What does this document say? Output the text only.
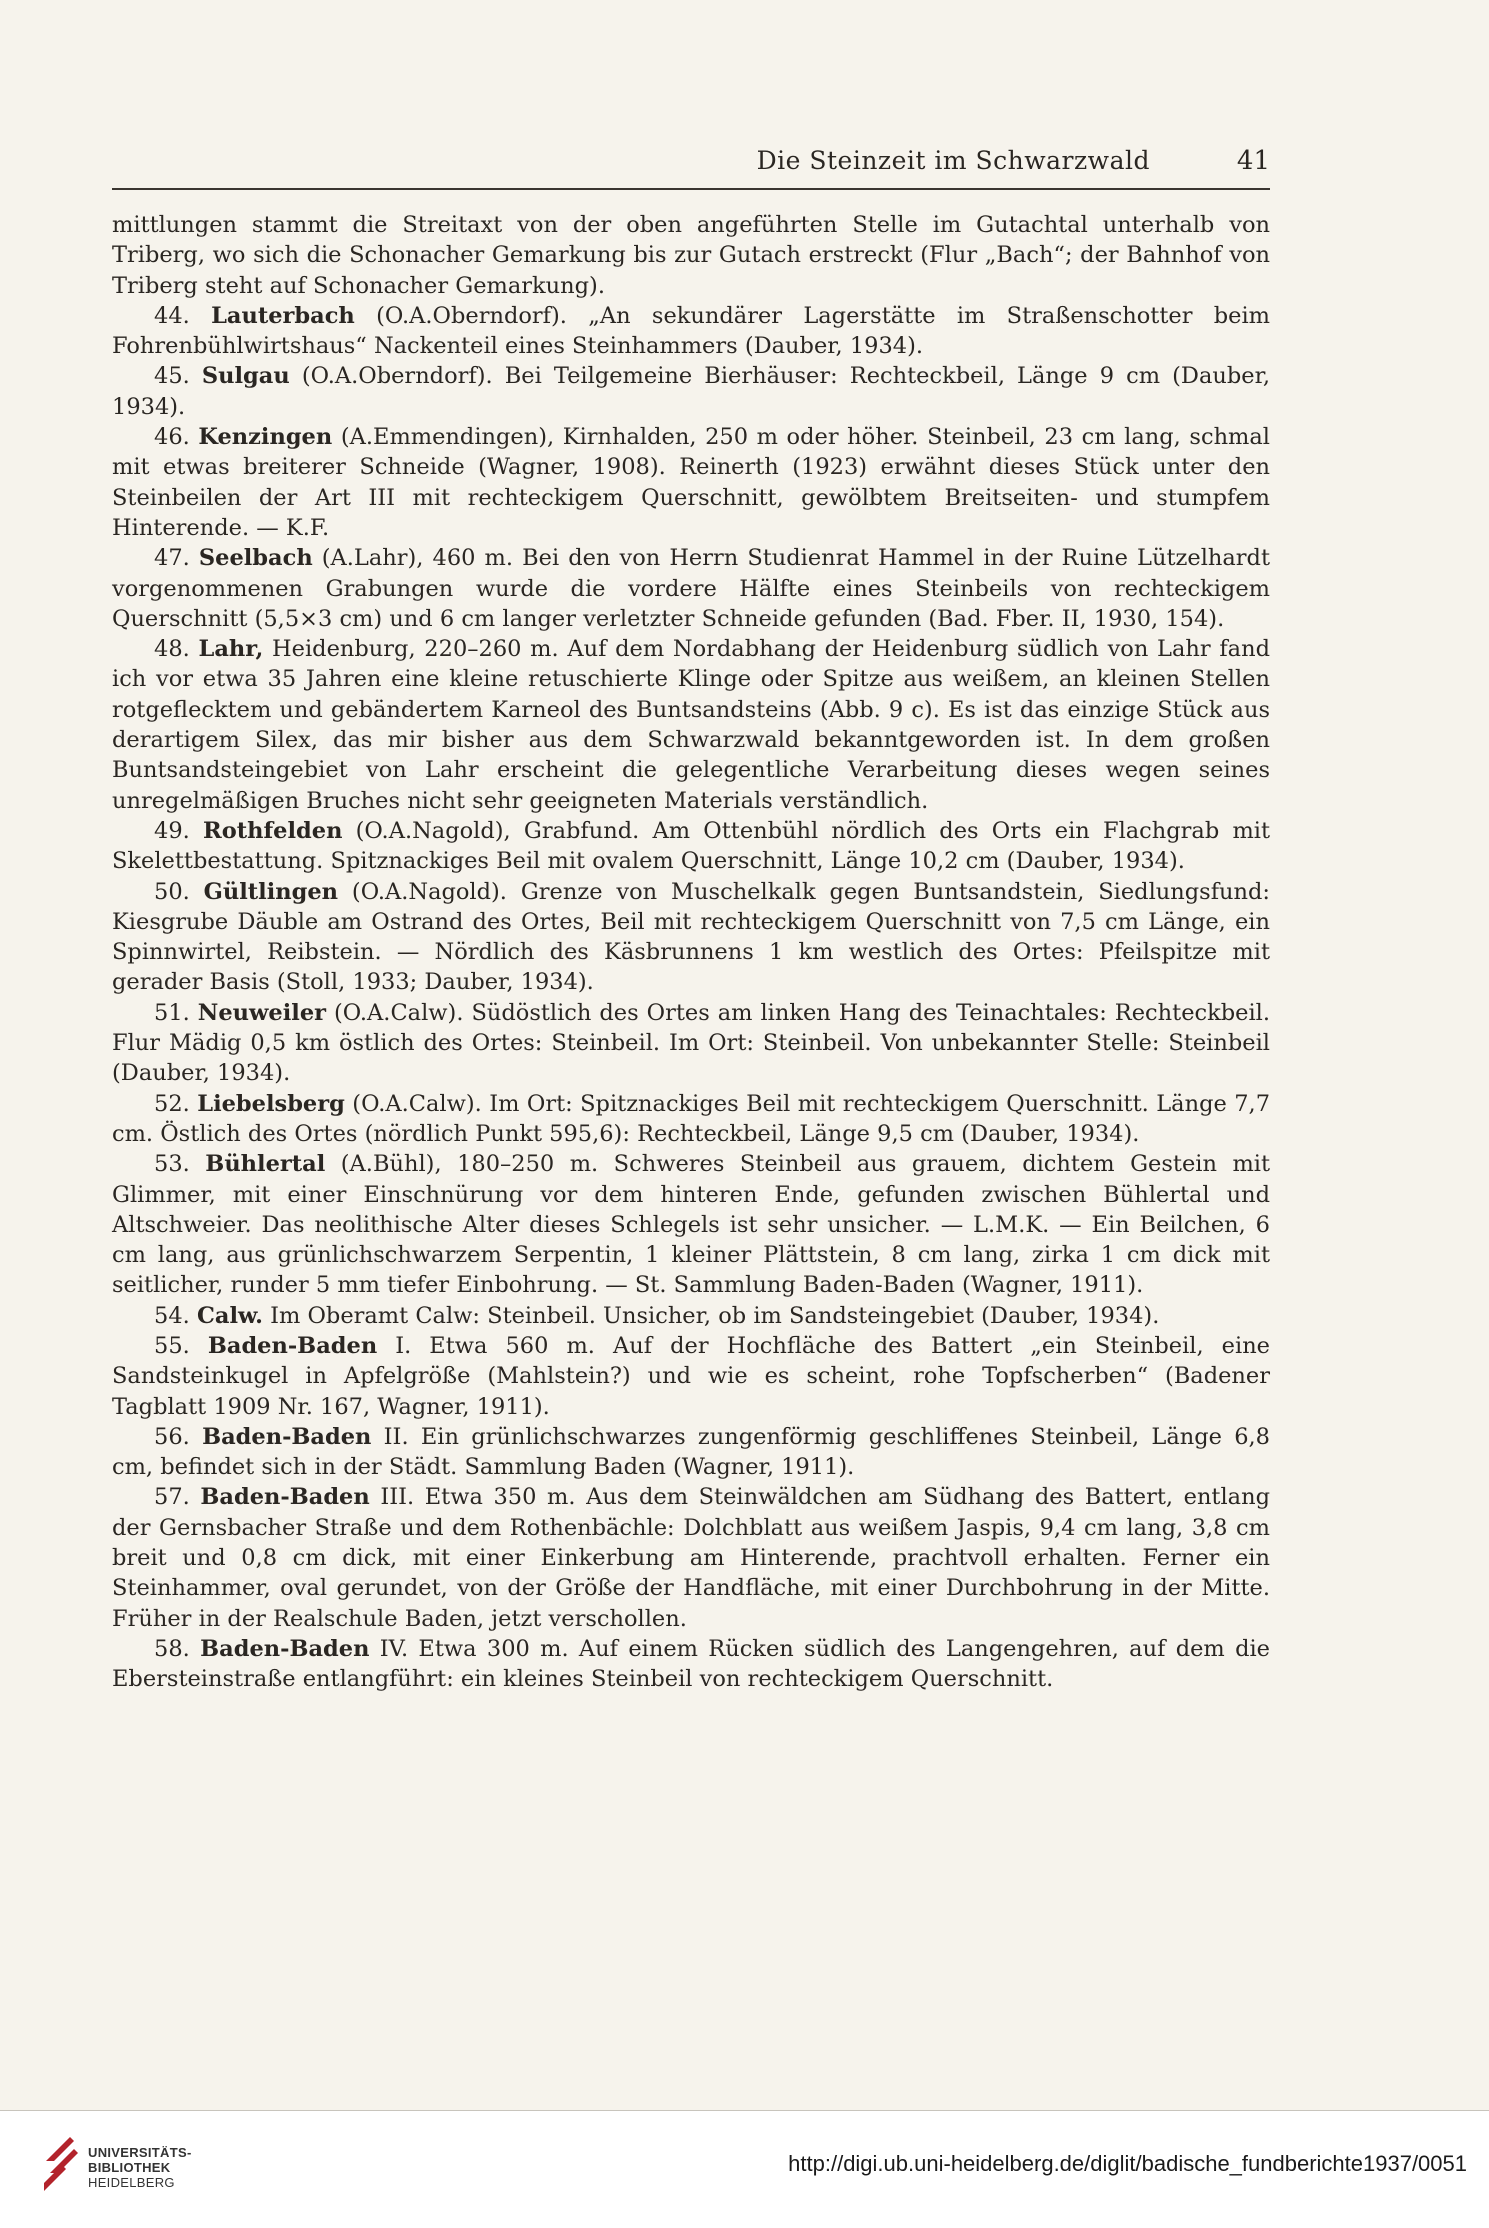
Die Steinzeit im Schwarzwald	41

mittlungen stammt die Streitaxt von der oben angeführten Stelle im Gutachtal unterhalb von Triberg, wo sich die Schonacher Gemarkung bis zur Gutach erstreckt (Flur „Bach“; der Bahnhof von Triberg steht auf Schonacher Gemarkung).

44. Lauterbach (O.A.Oberndorf). „An sekundärer Lagerstätte im Straßenschotter beim Fohrenbühlwirtshaus“ Nackenteil eines Steinhammers (Dauber, 1934).

45. Sulgau (O.A.Oberndorf). Bei Teilgemeine Bierhäuser: Rechteckbeil, Länge 9 cm (Dauber, 1934).

46. Kenzingen (A.Emmendingen), Kirnhalden, 250 m oder höher. Steinbeil, 23 cm lang, schmal mit etwas breiterer Schneide (Wagner, 1908). Reinerth (1923) erwähnt dieses Stück unter den Steinbeilen der Art III mit rechteckigem Querschnitt, gewölbtem Breitseiten- und stumpfem Hinterende. — K.F.

47. Seelbach (A.Lahr), 460 m. Bei den von Herrn Studienrat Hammel in der Ruine Lützelhardt vorgenommenen Grabungen wurde die vordere Hälfte eines Steinbeils von rechteckigem Querschnitt (5,5×3 cm) und 6 cm langer verletzter Schneide gefunden (Bad. Fber. II, 1930, 154).

48. Lahr, Heidenburg, 220–260 m. Auf dem Nordabhang der Heidenburg südlich von Lahr fand ich vor etwa 35 Jahren eine kleine retuschierte Klinge oder Spitze aus weißem, an kleinen Stellen rotgeflecktem und gebändertem Karneol des Buntsandsteins (Abb. 9 c). Es ist das einzige Stück aus derartigem Silex, das mir bisher aus dem Schwarzwald bekanntgeworden ist. In dem großen Buntsandsteingebiet von Lahr erscheint die gelegentliche Verarbeitung dieses wegen seines unregelmäßigen Bruches nicht sehr geeigneten Materials verständlich.

49. Rothfelden (O.A.Nagold), Grabfund. Am Ottenbühl nördlich des Orts ein Flachgrab mit Skelettbestattung. Spitznackiges Beil mit ovalem Querschnitt, Länge 10,2 cm (Dauber, 1934).

50. Gültlingen (O.A.Nagold). Grenze von Muschelkalk gegen Buntsandstein, Siedlungsfund: Kiesgrube Däuble am Ostrand des Ortes, Beil mit rechteckigem Querschnitt von 7,5 cm Länge, ein Spinnwirtel, Reibstein. — Nördlich des Käsbrunnens 1 km westlich des Ortes: Pfeilspitze mit gerader Basis (Stoll, 1933; Dauber, 1934).

51. Neuweiler (O.A.Calw). Südöstlich des Ortes am linken Hang des Teinachtales: Rechteckbeil. Flur Mädig 0,5 km östlich des Ortes: Steinbeil. Im Ort: Steinbeil. Von unbekannter Stelle: Steinbeil (Dauber, 1934).

52. Liebelsberg (O.A.Calw). Im Ort: Spitznackiges Beil mit rechteckigem Querschnitt. Länge 7,7 cm. Östlich des Ortes (nördlich Punkt 595,6): Rechteckbeil, Länge 9,5 cm (Dauber, 1934).

53. Bühlertal (A.Bühl), 180–250 m. Schweres Steinbeil aus grauem, dichtem Gestein mit Glimmer, mit einer Einschnürung vor dem hinteren Ende, gefunden zwischen Bühlertal und Altschweier. Das neolithische Alter dieses Schlegels ist sehr unsicher. — L.M.K. — Ein Beilchen, 6 cm lang, aus grünlichschwarzem Serpentin, 1 kleiner Plättstein, 8 cm lang, zirka 1 cm dick mit seitlicher, runder 5 mm tiefer Einbohrung. — St. Sammlung Baden-Baden (Wagner, 1911).

54. Calw. Im Oberamt Calw: Steinbeil. Unsicher, ob im Sandsteingebiet (Dauber, 1934).

55. Baden-Baden I. Etwa 560 m. Auf der Hochfläche des Battert „ein Steinbeil, eine Sandsteinkugel in Apfelgröße (Mahlstein?) und wie es scheint, rohe Topfscherben“ (Badener Tagblatt 1909 Nr. 167, Wagner, 1911).

56. Baden-Baden II. Ein grünlichschwarzes zungenförmig geschliffenes Steinbeil, Länge 6,8 cm, befindet sich in der Städt. Sammlung Baden (Wagner, 1911).

57. Baden-Baden III. Etwa 350 m. Aus dem Steinwäldchen am Südhang des Battert, entlang der Gernsbacher Straße und dem Rothenbächle: Dolchblatt aus weißem Jaspis, 9,4 cm lang, 3,8 cm breit und 0,8 cm dick, mit einer Einkerbung am Hinterende, prachtvoll erhalten. Ferner ein Steinhammer, oval gerundet, von der Größe der Handfläche, mit einer Durchbohrung in der Mitte. Früher in der Realschule Baden, jetzt verschollen.

58. Baden-Baden IV. Etwa 300 m. Auf einem Rücken südlich des Langengehren, auf dem die Ebersteinstraße entlangführt: ein kleines Steinbeil von rechteckigem Querschnitt.

UNIVERSITÄTS-
BIBLIOTHEK
HEIDELBERG
http://digi.ub.uni-heidelberg.de/diglit/badische_fundberichte1937/0051
